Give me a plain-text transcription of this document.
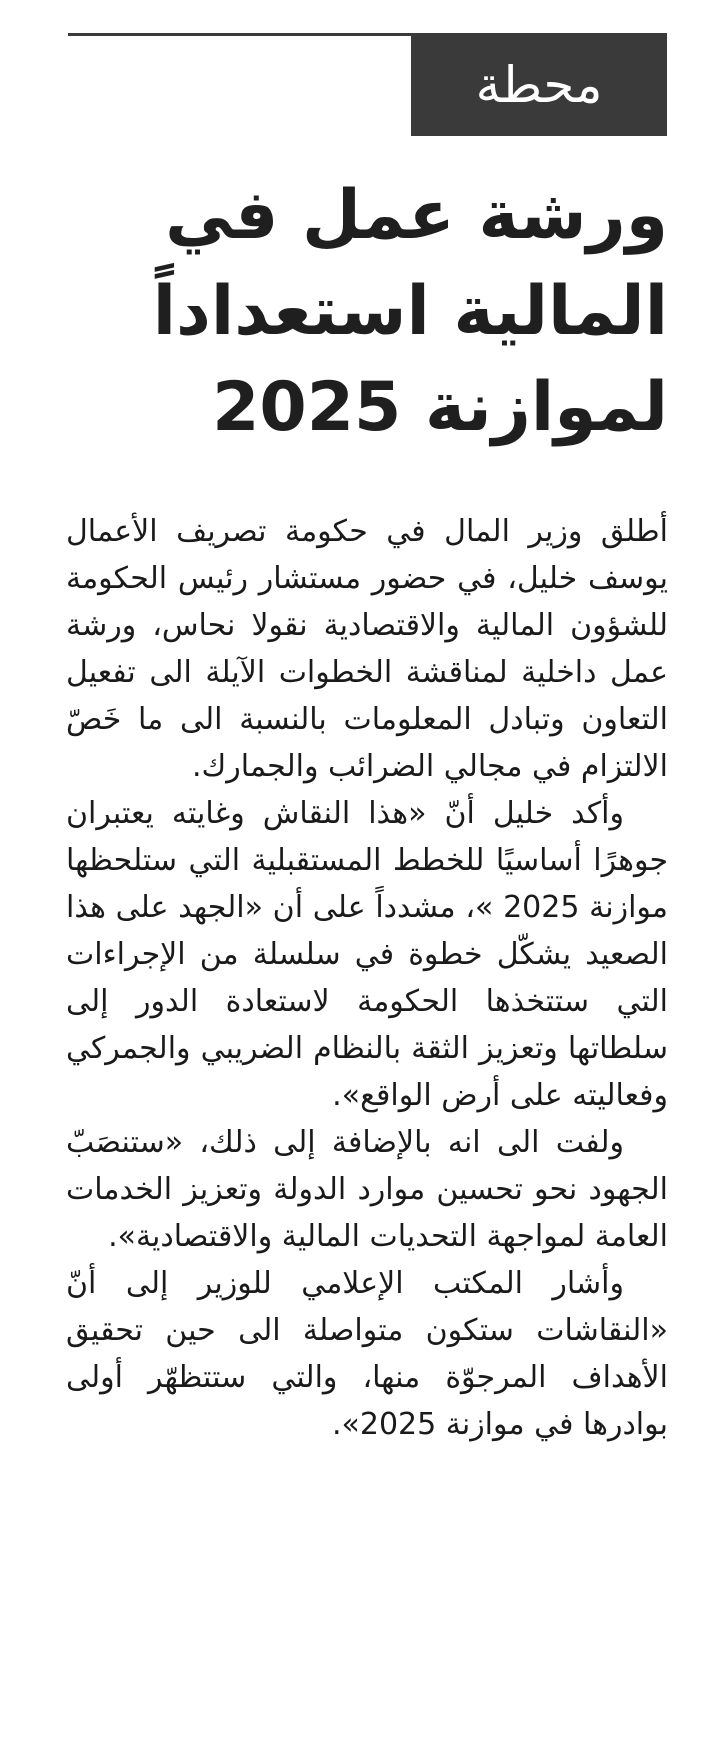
محطة
ورشة عمل في المالية استعداداً لموازنة 2025

أطلق وزير المال في حكومة تصريف الأعمال يوسف خليل، في حضور مستشار رئيس الحكومة للشؤون المالية والاقتصادية نقولا نحاس، ورشة عمل داخلية لمناقشة الخطوات الآيلة الى تفعيل التعاون وتبادل المعلومات بالنسبة الى ما خَصّ الالتزام في مجالي الضرائب والجمارك.

وأكد خليل أنّ «هذا النقاش وغايته يعتبران جوهرًا أساسيًا للخطط المستقبلية التي ستلحظها موازنة 2025 »، مشدداً على أن «الجهد على هذا الصعيد يشكّل خطوة في سلسلة من الإجراءات التي ستتخذها الحكومة لاستعادة الدور إلى سلطاتها وتعزيز الثقة بالنظام الضريبي والجمركي وفعاليته على أرض الواقع».

ولفت الى انه بالإضافة إلى ذلك، «ستنصَبّ الجهود نحو تحسين موارد الدولة وتعزيز الخدمات العامة لمواجهة التحديات المالية والاقتصادية».

وأشار المكتب الإعلامي للوزير إلى أنّ «النقاشات ستكون متواصلة الى حين تحقيق الأهداف المرجوّة منها، والتي ستتظهّر أولى بوادرها في موازنة 2025».
